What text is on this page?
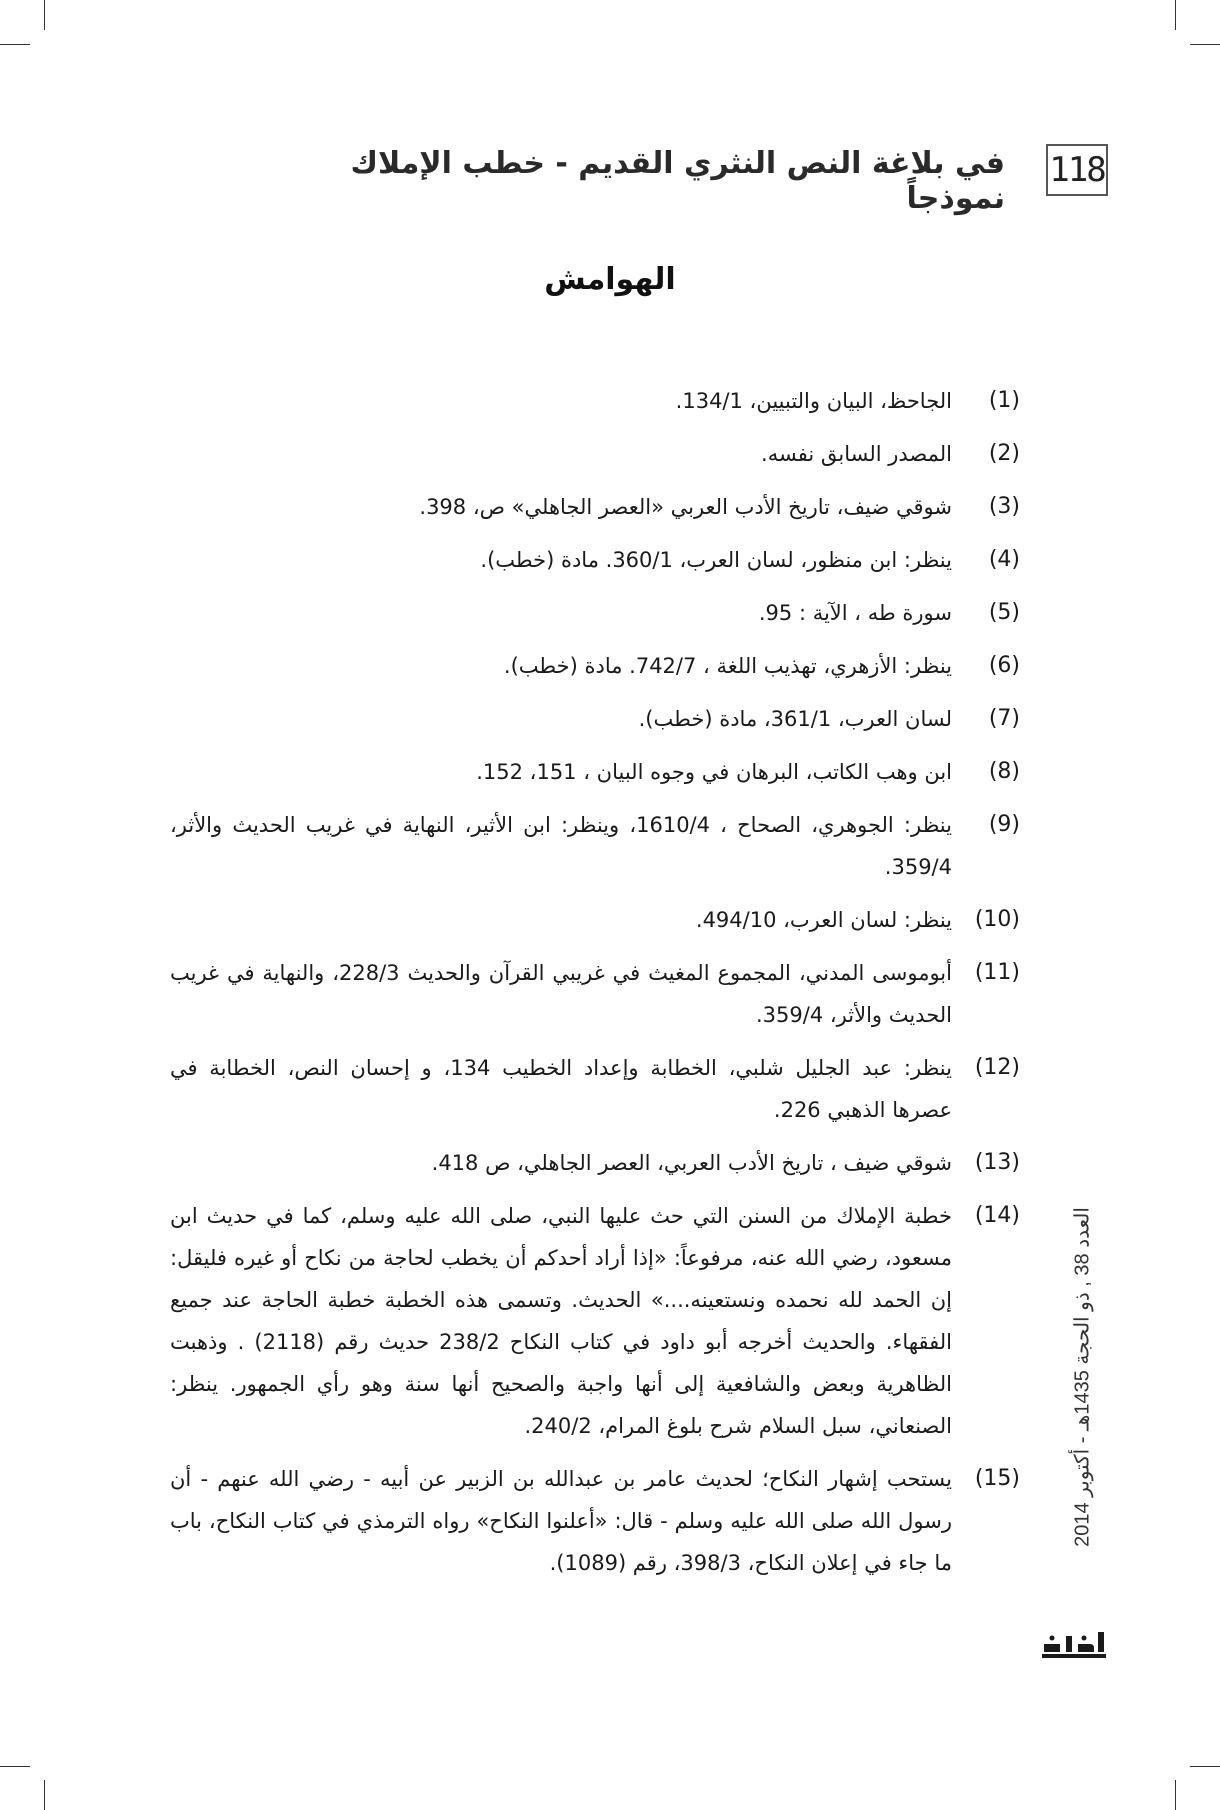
118
في بلاغة النص النثري القديم - خطب الإملاك نموذجاً
الهوامش
(1)
الجاحظ، البيان والتبيين، 134/1.
(2)
المصدر السابق نفسه.
(3)
شوقي ضيف، تاريخ الأدب العربي «العصر الجاهلي» ص، 398.
(4)
ينظر: ابن منظور، لسان العرب، 360/1. مادة (خطب).
(5)
سورة طه ، الآية : 95.
(6)
ينظر: الأزهري، تهذيب اللغة ، 742/7. مادة (خطب).
(7)
لسان العرب، 361/1، مادة (خطب).
(8)
ابن وهب الكاتب، البرهان في وجوه البيان ، 151، 152.
(9)
ينظر: الجوهري، الصحاح ، 1610/4، وينظر: ابن الأثير، النهاية في غريب الحديث والأثر، 359/4.
(10)
ينظر: لسان العرب، 494/10.
(11)
أبوموسى المدني، المجموع المغيث في غريبي القرآن والحديث 228/3، والنهاية في غريب الحديث والأثر، 359/4.
(12)
ينظر: عبد الجليل شلبي، الخطابة وإعداد الخطيب 134، و إحسان النص، الخطابة في عصرها الذهبي 226.
(13)
شوقي ضيف ، تاريخ الأدب العربي، العصر الجاهلي، ص 418.
(14)
خطبة الإملاك من السنن التي حث عليها النبي، صلى الله عليه وسلم، كما في حديث ابن مسعود، رضي الله عنه، مرفوعاً: «إذا أراد أحدكم أن يخطب لحاجة من نكاح أو غيره فليقل: إن الحمد لله نحمده ونستعينه....» الحديث. وتسمى هذه الخطبة خطبة الحاجة عند جميع الفقهاء. والحديث أخرجه أبو داود في كتاب النكاح 238/2 حديث رقم (2118) . وذهبت الظاهرية وبعض والشافعية إلى أنها واجبة والصحيح أنها سنة وهو رأي الجمهور. ينظر: الصنعاني، سبل السلام شرح بلوغ المرام، 240/2.
(15)
يستحب إشهار النكاح؛ لحديث عامر بن عبدالله بن الزبير عن أبيه - رضي الله عنهم - أن رسول الله صلى الله عليه وسلم - قال: «أعلنوا النكاح» رواه الترمذي في كتاب النكاح، باب ما جاء في إعلان النكاح، 398/3، رقم (1089).
العدد 38 , ذو الحجة 1435هـ - أكتوبر 2014
